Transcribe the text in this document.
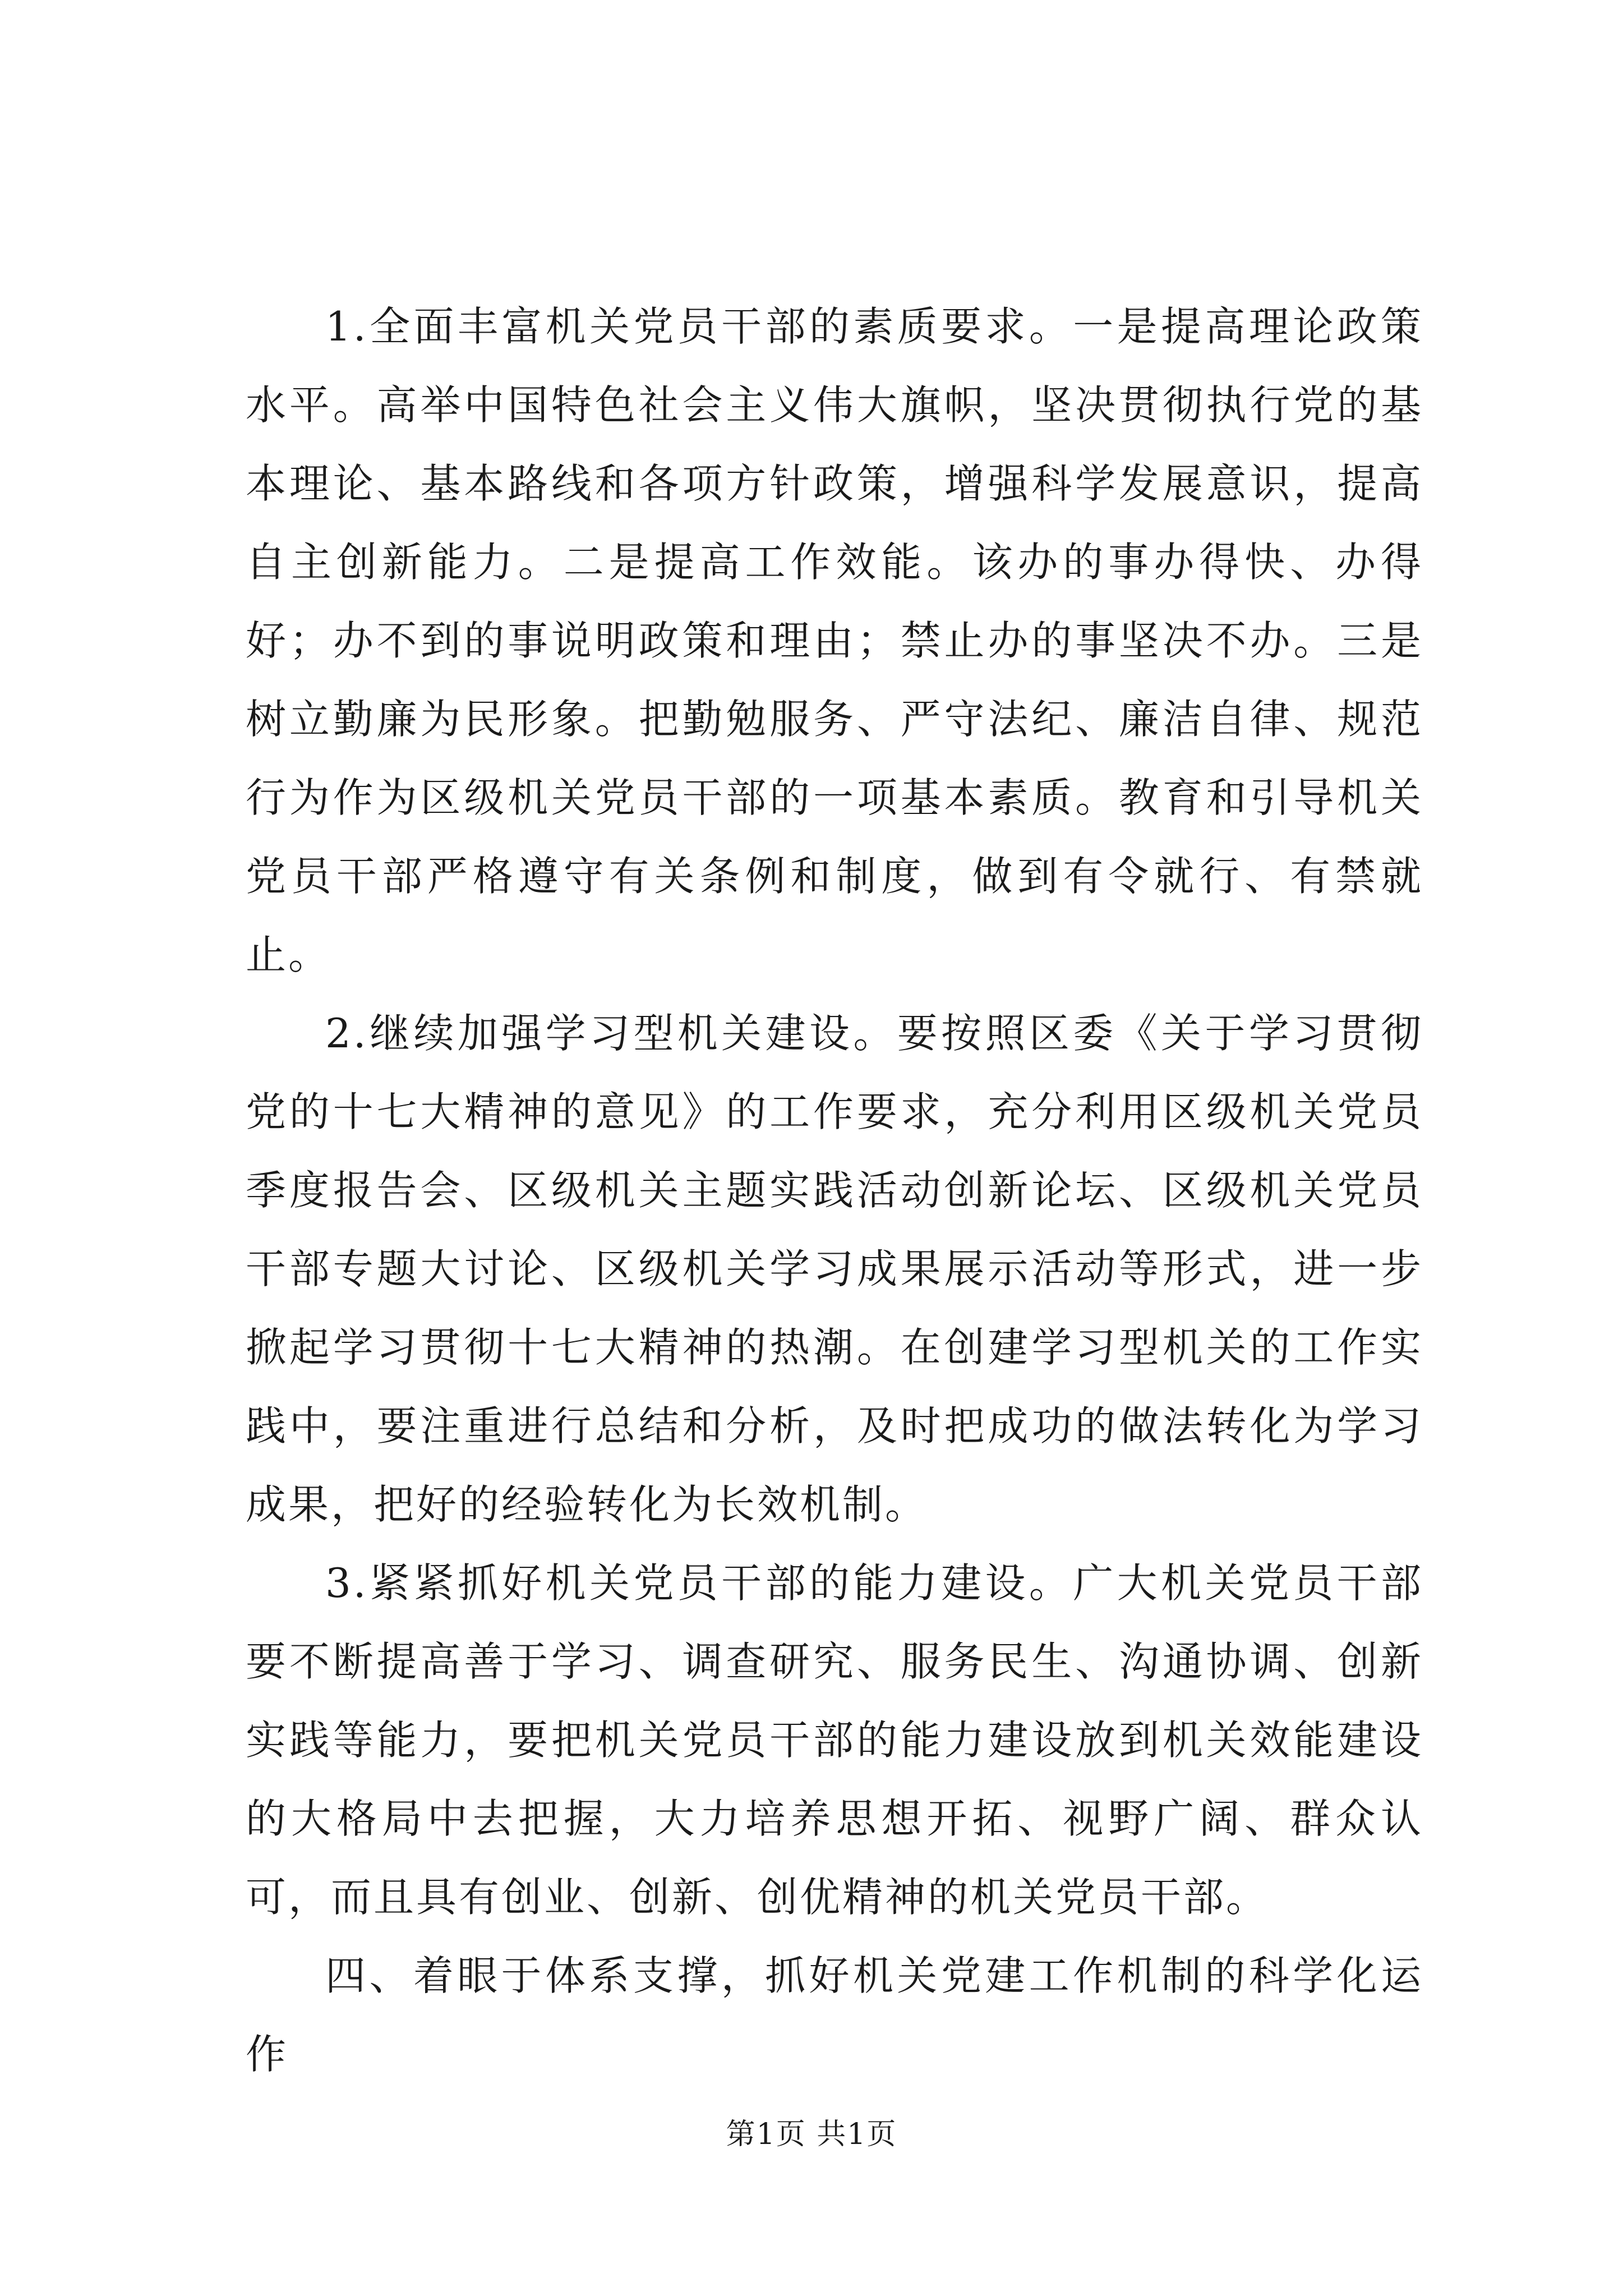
1.全面丰富机关党员干部的素质要求。一是提高理论政策水平。高举中国特色社会主义伟大旗帜，坚决贯彻执行党的基本理论、基本路线和各项方针政策，增强科学发展意识，提高自主创新能力。二是提高工作效能。该办的事办得快、办得好；办不到的事说明政策和理由；禁止办的事坚决不办。三是树立勤廉为民形象。把勤勉服务、严守法纪、廉洁自律、规范行为作为区级机关党员干部的一项基本素质。教育和引导机关党员干部严格遵守有关条例和制度，做到有令就行、有禁就止。

2.继续加强学习型机关建设。要按照区委《关于学习贯彻党的十七大精神的意见》的工作要求，充分利用区级机关党员季度报告会、区级机关主题实践活动创新论坛、区级机关党员干部专题大讨论、区级机关学习成果展示活动等形式，进一步掀起学习贯彻十七大精神的热潮。在创建学习型机关的工作实践中，要注重进行总结和分析，及时把成功的做法转化为学习成果，把好的经验转化为长效机制。

3.紧紧抓好机关党员干部的能力建设。广大机关党员干部要不断提高善于学习、调查研究、服务民生、沟通协调、创新实践等能力，要把机关党员干部的能力建设放到机关效能建设的大格局中去把握，大力培养思想开拓、视野广阔、群众认可，而且具有创业、创新、创优精神的机关党员干部。

四、着眼于体系支撑，抓好机关党建工作机制的科学化运作

第1页 共1页
